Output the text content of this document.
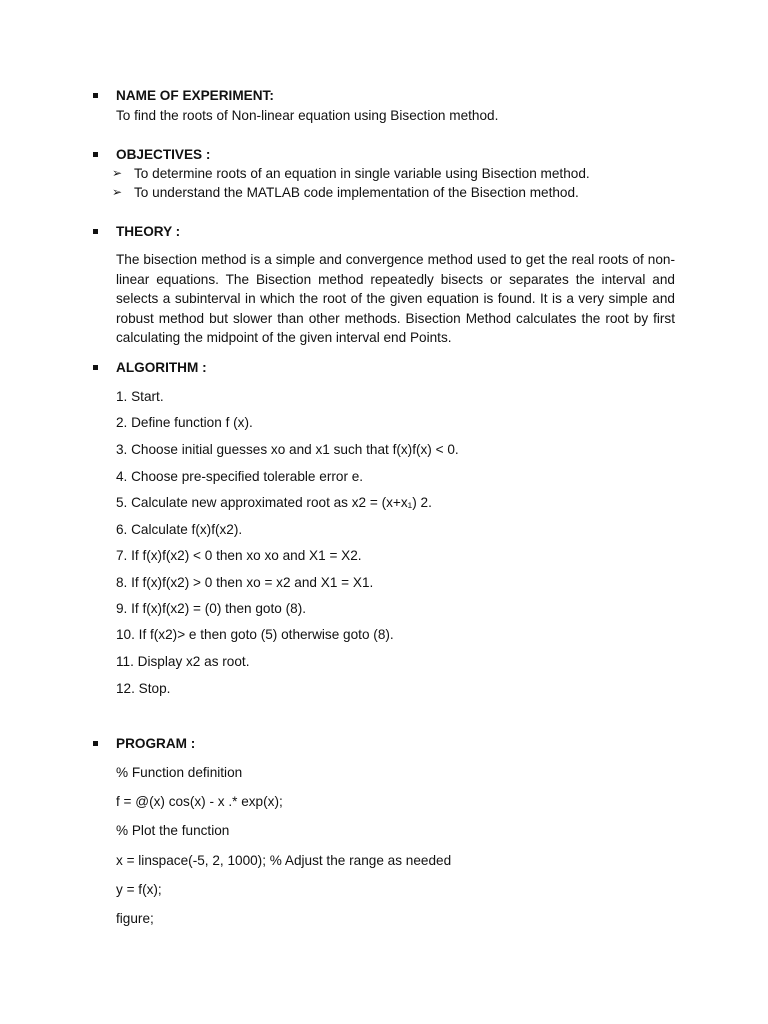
NAME OF EXPERIMENT:
To find the roots of Non-linear equation using Bisection method.
OBJECTIVES :
➢ To determine roots of an equation in single variable using Bisection method.
➢ To understand the MATLAB code implementation of the Bisection method.
THEORY :
The bisection method is a simple and convergence method used to get the real roots of non-linear equations. The Bisection method repeatedly bisects or separates the interval and selects a subinterval in which the root of the given equation is found. It is a very simple and robust method but slower than other methods. Bisection Method calculates the root by first calculating the midpoint of the given interval end Points.
ALGORITHM :
1. Start.
2. Define function f (x).
3. Choose initial guesses xo and x1 such that f(x)f(x) < 0.
4. Choose pre-specified tolerable error e.
5. Calculate new approximated root as x2 = (x+x₁) 2.
6. Calculate f(x)f(x2).
7. If f(x)f(x2) < 0 then xo xo and X1 = X2.
8. If f(x)f(x2) > 0 then xo = x2 and X1 = X1.
9. If f(x)f(x2) = (0) then goto (8).
10. If f(x2)> e then goto (5) otherwise goto (8).
11. Display x2 as root.
12. Stop.
PROGRAM :
% Function definition
f = @(x) cos(x) - x .* exp(x);
% Plot the function
x = linspace(-5, 2, 1000); % Adjust the range as needed
y = f(x);
figure;
